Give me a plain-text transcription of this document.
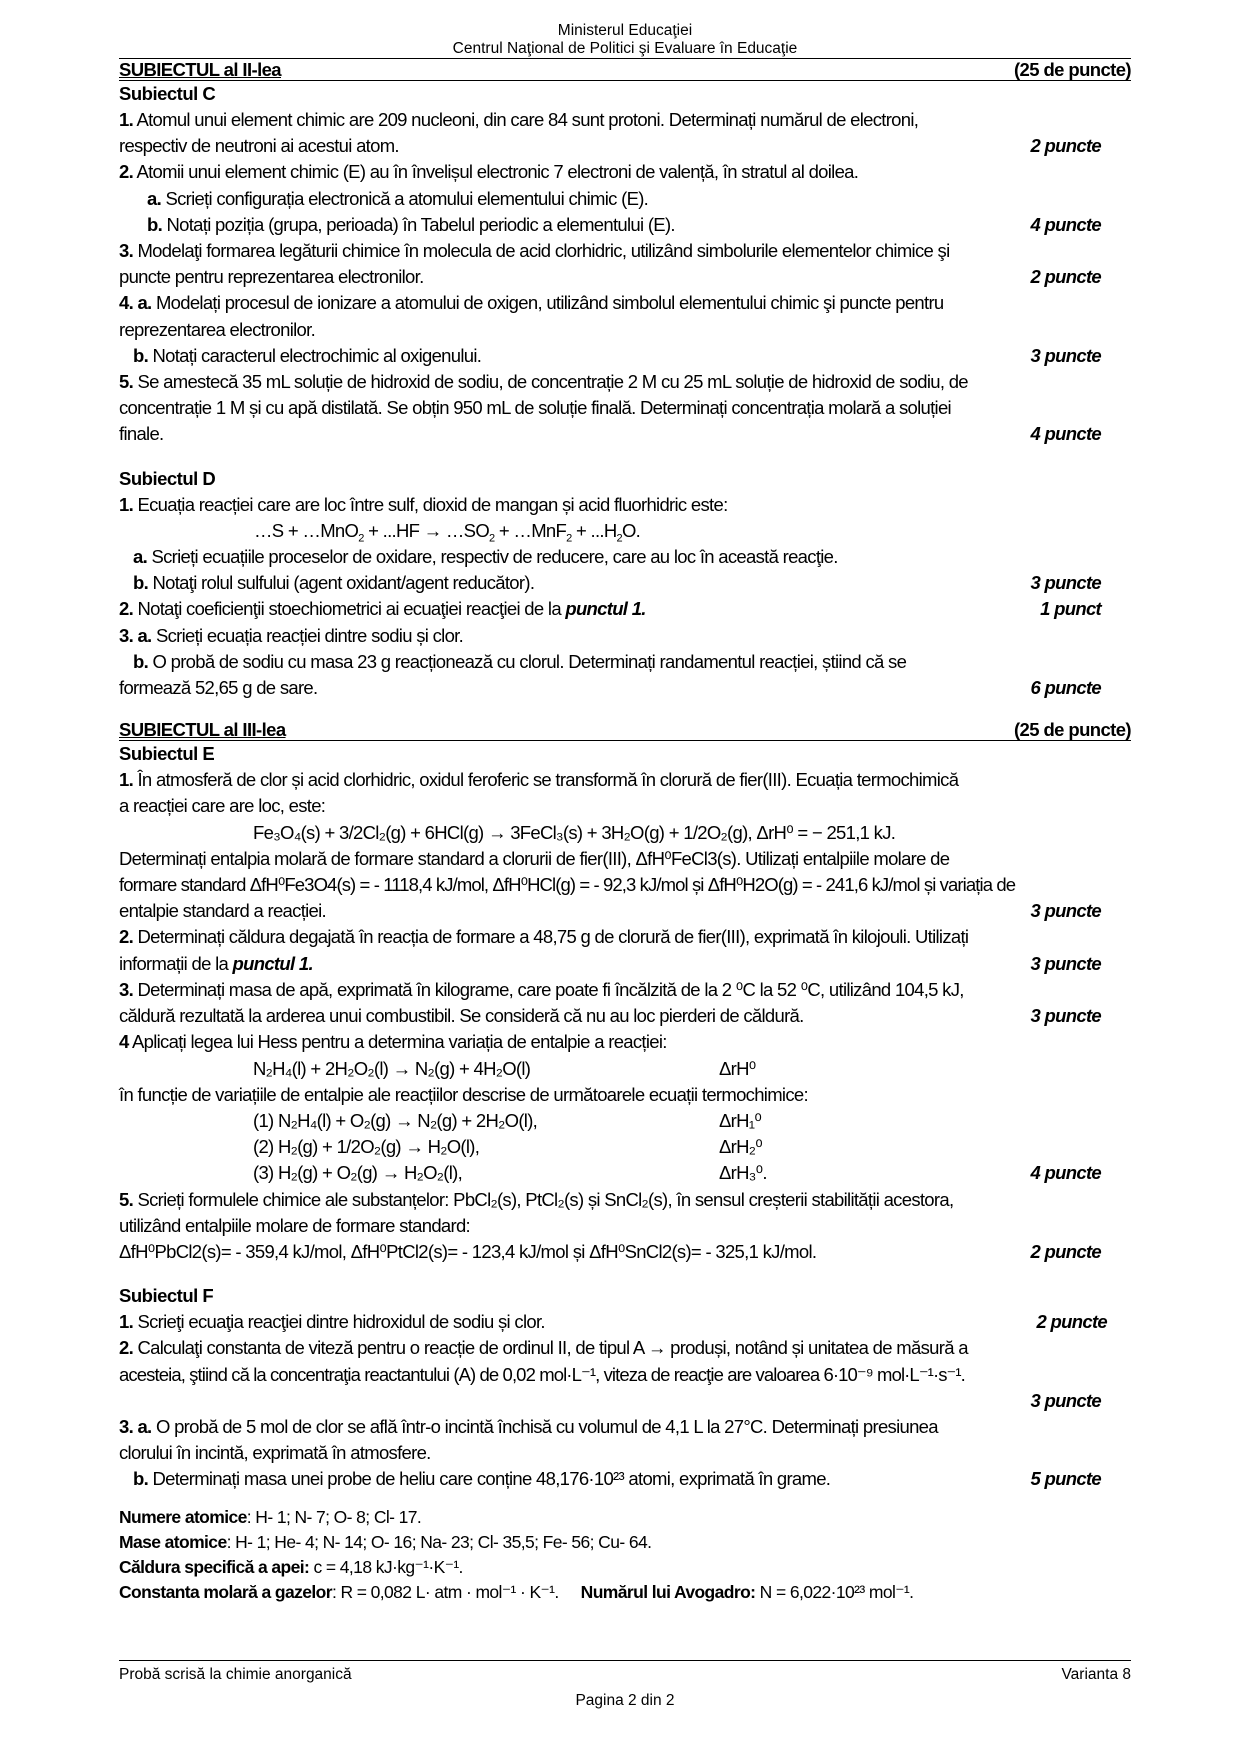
Ministerul Educaţiei
Centrul Naţional de Politici şi Evaluare în Educaţie
SUBIECTUL al II-lea	(25 de puncte)
Subiectul C
1. Atomul unui element chimic are 209 nucleoni, din care 84 sunt protoni. Determinați numărul de electroni,
respectiv de neutroni ai acestui atom.	2 puncte
2. Atomii unui element chimic (E) au în învelișul electronic 7 electroni de valență, în stratul al doilea.
a. Scrieți configurația electronică a atomului elementului chimic (E).
b. Notați poziția (grupa, perioada) în Tabelul periodic a elementului (E).	4 puncte
3. Modelaţi formarea legăturii chimice în molecula de acid clorhidric, utilizând simbolurile elementelor chimice şi
puncte pentru reprezentarea electronilor.	2 puncte
4. a. Modelați procesul de ionizare a atomului de oxigen, utilizând simbolul elementului chimic şi puncte pentru
reprezentarea electronilor.
b. Notați caracterul electrochimic al oxigenului.	3 puncte
5. Se amestecă 35 mL soluție de hidroxid de sodiu, de concentrație 2 M cu 25 mL soluție de hidroxid de sodiu, de
concentrație 1 M și cu apă distilată. Se obțin 950 mL de soluție finală. Determinați concentrația molară a soluției
finale.	4 puncte
Subiectul D
1. Ecuația reacției care are loc între sulf, dioxid de mangan și acid fluorhidric este:
…S + …MnO$_2$ + $...HF \to \dots SO_2$ + …MnF$_2$ + $...H_2O$.
a. Scrieți ecuațiile proceselor de oxidare, respectiv de reducere, care au loc în această reacţie.
b. Notaţi rolul sulfului (agent oxidant/agent reducător).	3 puncte
2. Notaţi coeficienţii stoechiometrici ai ecuaţiei reacţiei de la punctul 1.	1 punct
3. a. Scrieți ecuația reacției dintre sodiu și clor.
b. O probă de sodiu cu masa 23 g reacționează cu clorul. Determinați randamentul reacției, știind că se
formează 52,65 g de sare.	6 puncte
SUBIECTUL al III-lea	(25 de puncte)
Subiectul E
1. În atmosferă de clor și acid clorhidric, oxidul feroferic se transformă în clorură de fier(III). Ecuația termochimică
a reacției care are loc, este:
Fe₃O₄(s) + 3/2Cl₂(g) + 6HCl(g) → 3FeCl₃(s) + 3H₂O(g) + 1/2O₂(g), ΔrH⁰ = − 251,1 kJ.
Determinați entalpia molară de formare standard a clorurii de fier(III), ΔfH⁰FeCl3(s). Utilizați entalpiile molare de
formare standard ΔfH⁰Fe3O4(s) = - 1118,4 kJ/mol, ΔfH⁰HCl(g) = - 92,3 kJ/mol și ΔfH⁰H2O(g) = - 241,6 kJ/mol și variația de
entalpie standard a reacției.	3 puncte
2. Determinați căldura degajată în reacția de formare a 48,75 g de clorură de fier(III), exprimată în kilojouli. Utilizați
informații de la punctul 1.	3 puncte
3. Determinați masa de apă, exprimată în kilograme, care poate fi încălzită de la 2 ⁰C la 52 ⁰C, utilizând 104,5 kJ,
căldură rezultată la arderea unui combustibil. Se consideră că nu au loc pierderi de căldură.	3 puncte
4 Aplicați legea lui Hess pentru a determina variația de entalpie a reacției:
N₂H₄(l) + 2H₂O₂(l) → N₂(g) + 4H₂O(l)	ΔrH⁰
în funcție de variațiile de entalpie ale reacțiilor descrise de următoarele ecuații termochimice:
(1) N₂H₄(l) + O₂(g) → N₂(g) + 2H₂O(l),	ΔrH₁⁰
(2) H₂(g) + 1/2O₂(g) → H₂O(l),	ΔrH₂⁰
(3) H₂(g) + O₂(g) → H₂O₂(l),	ΔrH₃⁰.	4 puncte
5. Scrieți formulele chimice ale substanțelor: PbCl₂(s), PtCl₂(s) și SnCl₂(s), în sensul creșterii stabilității acestora,
utilizând entalpiile molare de formare standard:
ΔfH⁰PbCl2(s)= - 359,4 kJ/mol, ΔfH⁰PtCl2(s)= - 123,4 kJ/mol și ΔfH⁰SnCl2(s)= - 325,1 kJ/mol.	2 puncte
Subiectul F
1. Scrieţi ecuaţia reacţiei dintre hidroxidul de sodiu și clor.	2 puncte
2. Calculaţi constanta de viteză pentru o reacție de ordinul II, de tipul A → produși, notând și unitatea de măsură a
acesteia, ştiind că la concentraţia reactantului (A) de 0,02 mol·L⁻¹, viteza de reacţie are valoarea 6·10⁻⁹ mol·L⁻¹·s⁻¹.
3 puncte
3. a. O probă de 5 mol de clor se află într-o incintă închisă cu volumul de 4,1 L la 27°C. Determinați presiunea
clorului în incintă, exprimată în atmosfere.
b. Determinați masa unei probe de heliu care conține 48,176·10²³ atomi, exprimată în grame.	5 puncte
Numere atomice: H- 1; N- 7; O- 8; Cl- 17.
Mase atomice: H- 1; He- 4; N- 14; O- 16; Na- 23; Cl- 35,5; Fe- 56; Cu- 64.
Căldura specifică a apei: c = 4,18 kJ·kg⁻¹·K⁻¹.
Constanta molară a gazelor: R = 0,082 L· atm · mol⁻¹ · K⁻¹. Numărul lui Avogadro: N = 6,022·10²³ mol⁻¹.
Probă scrisă la chimie anorganică	Varianta 8
Pagina 2 din 2
